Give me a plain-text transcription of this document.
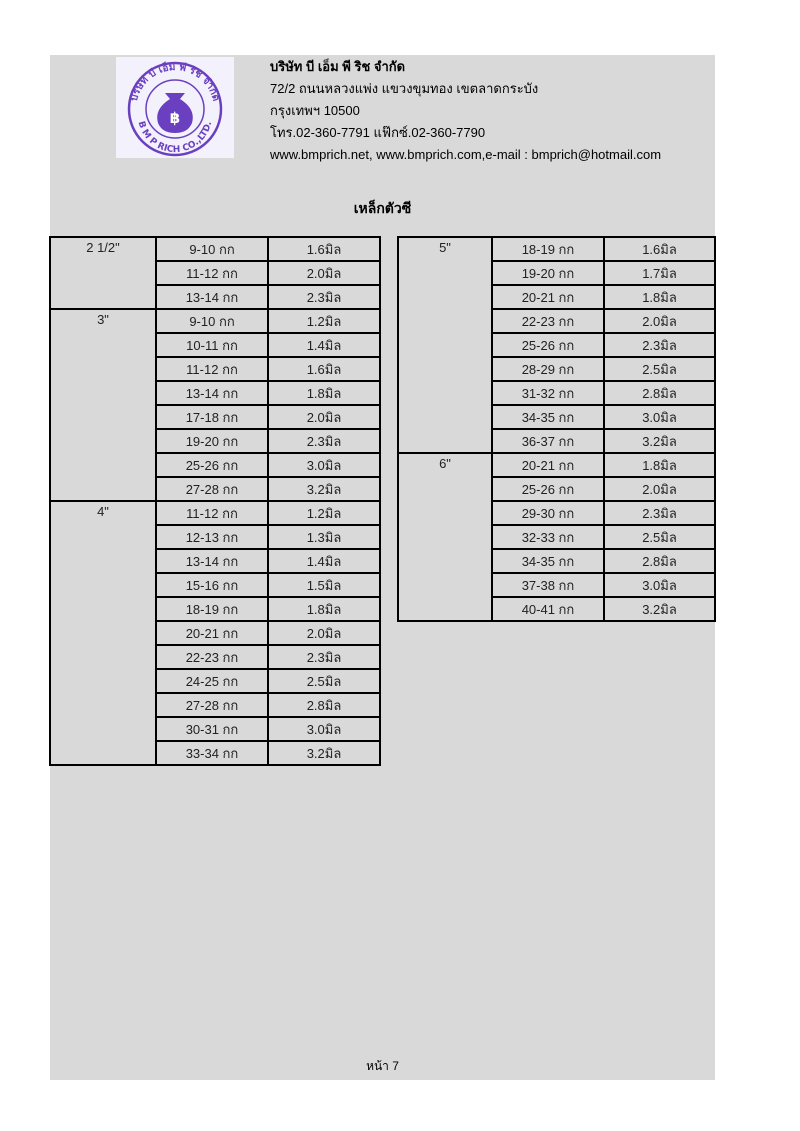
บริษัท บี เอ็ม พี ริช จำกัด
B M P RICH CO.,LTD.
฿
บริษัท บี เอ็ม พี ริช จำกัด
72/2 ถนนหลวงแพ่ง แขวงขุมทอง เขตลาดกระบัง
กรุงเทพฯ 10500
โทร.02-360-7791 แฟ๊กซ์.02-360-7790
www.bmprich.net, www.bmprich.com,e-mail : bmprich@hotmail.com
เหล็กตัวซี
2 1/2"	9-10 กก	1.6มิล
	11-12 กก	2.0มิล
	13-14 กก	2.3มิล
3"	9-10 กก	1.2มิล
	10-11 กก	1.4มิล
	11-12 กก	1.6มิล
	13-14 กก	1.8มิล
	17-18 กก	2.0มิล
	19-20 กก	2.3มิล
	25-26 กก	3.0มิล
	27-28 กก	3.2มิล
4"	11-12 กก	1.2มิล
	12-13 กก	1.3มิล
	13-14 กก	1.4มิล
	15-16 กก	1.5มิล
	18-19 กก	1.8มิล
	20-21 กก	2.0มิล
	22-23 กก	2.3มิล
	24-25 กก	2.5มิล
	27-28 กก	2.8มิล
	30-31 กก	3.0มิล
	33-34 กก	3.2มิล
5"	18-19 กก	1.6มิล
	19-20 กก	1.7มิล
	20-21 กก	1.8มิล
	22-23 กก	2.0มิล
	25-26 กก	2.3มิล
	28-29 กก	2.5มิล
	31-32 กก	2.8มิล
	34-35 กก	3.0มิล
	36-37 กก	3.2มิล
6"	20-21 กก	1.8มิล
	25-26 กก	2.0มิล
	29-30 กก	2.3มิล
	32-33 กก	2.5มิล
	34-35 กก	2.8มิล
	37-38 กก	3.0มิล
	40-41 กก	3.2มิล
หน้า 7
